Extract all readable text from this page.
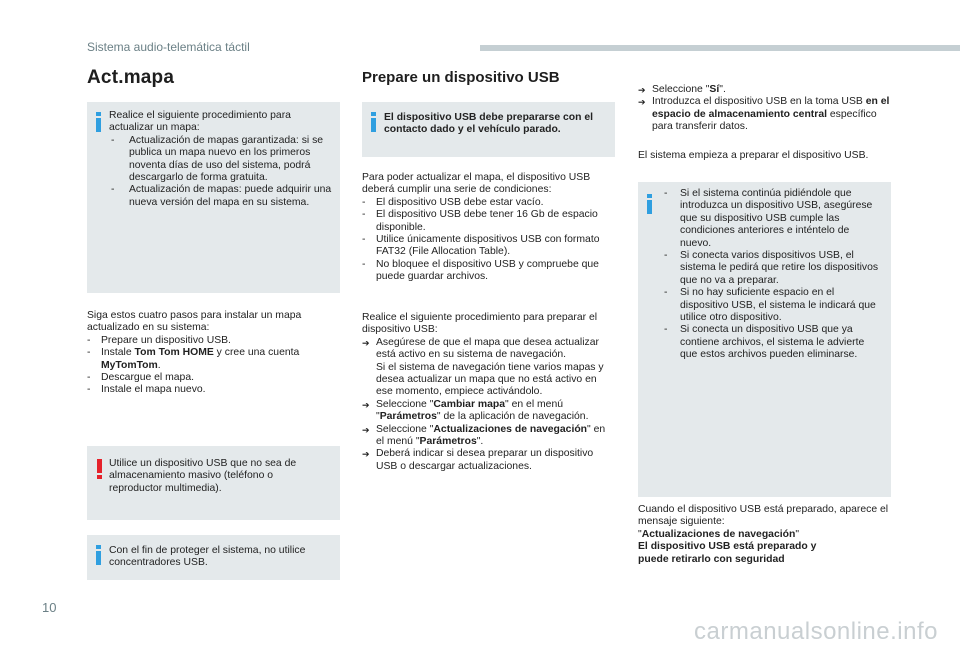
Sistema audio-telemática táctil
Act.mapa

Realice el siguiente procedimiento para actualizar un mapa:

- Actualización de mapas garantizada: si se publica un mapa nuevo en los primeros noventa días de uso del sistema, podrá descargarlo de forma gratuita.
- Actualización de mapas: puede adquirir una nueva versión del mapa en su sistema.

Siga estos cuatro pasos para instalar un mapa actualizado en su sistema:

- Prepare un dispositivo USB.
- Instale Tom Tom HOME y cree una cuenta MyTomTom.
- Descargue el mapa.
- Instale el mapa nuevo.

Utilice un dispositivo USB que no sea de almacenamiento masivo (teléfono o reproductor multimedia).

Con el fin de proteger el sistema, no utilice concentradores USB.

Prepare un dispositivo USB

El dispositivo USB debe prepararse con el contacto dado y el vehículo parado.

Para poder actualizar el mapa, el dispositivo USB deberá cumplir una serie de condiciones:

- El dispositivo USB debe estar vacío.
- El dispositivo USB debe tener 16 Gb de espacio disponible.
- Utilice únicamente dispositivos USB con formato FAT32 (File Allocation Table).
- No bloquee el dispositivo USB y compruebe que puede guardar archivos.

Realice el siguiente procedimiento para preparar el dispositivo USB:

➔ Asegúrese de que el mapa que desea actualizar está activo en su sistema de navegación.
Si el sistema de navegación tiene varios mapas y desea actualizar un mapa que no está activo en ese momento, empiece activándolo.
➔ Seleccione "Cambiar mapa" en el menú "Parámetros" de la aplicación de navegación.
➔ Seleccione "Actualizaciones de navegación" en el menú "Parámetros".
➔ Deberá indicar si desea preparar un dispositivo USB o descargar actualizaciones.
➔ Seleccione "Sí".
➔ Introduzca el dispositivo USB en la toma USB en el espacio de almacenamiento central específico para transferir datos.

El sistema empieza a preparar el dispositivo USB.

- Si el sistema continúa pidiéndole que introduzca un dispositivo USB, asegúrese que su dispositivo USB cumple las condiciones anteriores e inténtelo de nuevo.
- Si conecta varios dispositivos USB, el sistema le pedirá que retire los dispositivos que no va a preparar.
- Si no hay suficiente espacio en el dispositivo USB, el sistema le indicará que utilice otro dispositivo.
- Si conecta un dispositivo USB que ya contiene archivos, el sistema le advierte que estos archivos pueden eliminarse.

Cuando el dispositivo USB está preparado, aparece el mensaje siguiente:

"Actualizaciones de navegación"

El dispositivo USB está preparado y puede retirarlo con seguridad

10
carmanualsonline.info
